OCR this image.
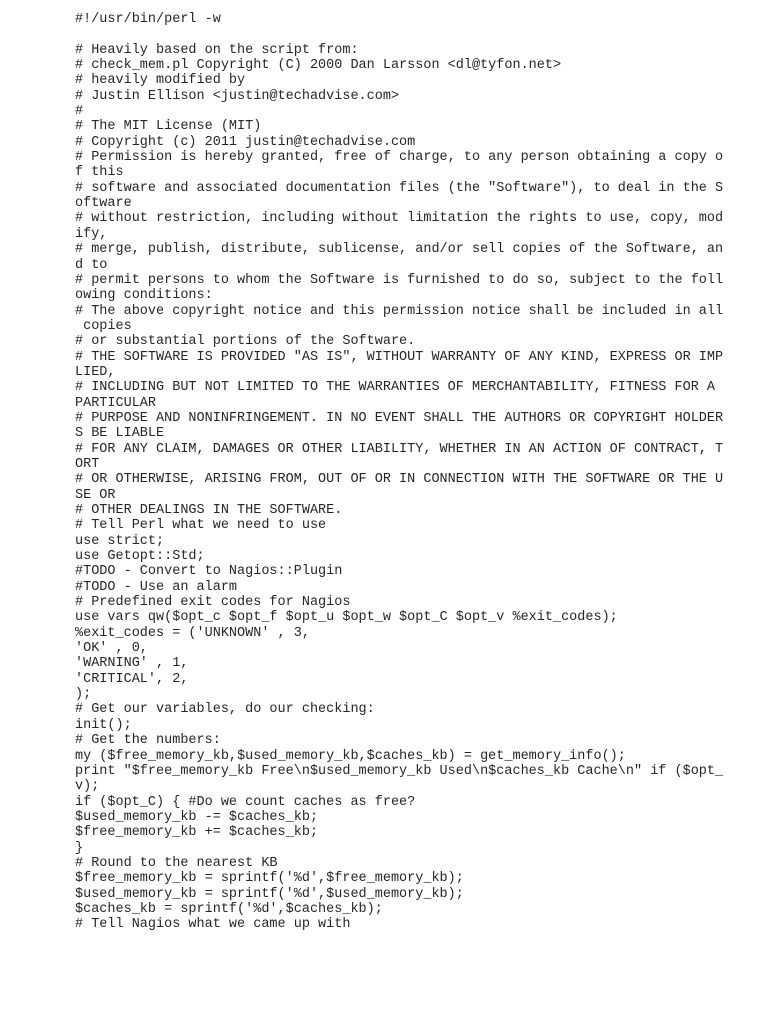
#!/usr/bin/perl -w
# Heavily based on the script from:
# check_mem.pl Copyright (C) 2000 Dan Larsson <dl@tyfon.net>
# heavily modified by
# Justin Ellison <justin@techadvise.com>
#
# The MIT License (MIT)
# Copyright (c) 2011 justin@techadvise.com
# Permission is hereby granted, free of charge, to any person obtaining a copy o
f this
# software and associated documentation files (the "Software"), to deal in the S
oftware
# without restriction, including without limitation the rights to use, copy, mod
ify,
# merge, publish, distribute, sublicense, and/or sell copies of the Software, an
d to
# permit persons to whom the Software is furnished to do so, subject to the foll
owing conditions:
# The above copyright notice and this permission notice shall be included in all
copies
# or substantial portions of the Software.
# THE SOFTWARE IS PROVIDED "AS IS", WITHOUT WARRANTY OF ANY KIND, EXPRESS OR IMP
LIED,
# INCLUDING BUT NOT LIMITED TO THE WARRANTIES OF MERCHANTABILITY, FITNESS FOR A
PARTICULAR
# PURPOSE AND NONINFRINGEMENT. IN NO EVENT SHALL THE AUTHORS OR COPYRIGHT HOLDER
S BE LIABLE
# FOR ANY CLAIM, DAMAGES OR OTHER LIABILITY, WHETHER IN AN ACTION OF CONTRACT, T
ORT
# OR OTHERWISE, ARISING FROM, OUT OF OR IN CONNECTION WITH THE SOFTWARE OR THE U
SE OR
# OTHER DEALINGS IN THE SOFTWARE.
# Tell Perl what we need to use
use strict;
use Getopt::Std;
#TODO - Convert to Nagios::Plugin
#TODO - Use an alarm
# Predefined exit codes for Nagios
use vars qw($opt_c $opt_f $opt_u $opt_w $opt_C $opt_v %exit_codes);
%exit_codes = ('UNKNOWN' , 3,
'OK' , 0,
'WARNING' , 1,
'CRITICAL', 2,
);
# Get our variables, do our checking:
init();
# Get the numbers:
my ($free_memory_kb,$used_memory_kb,$caches_kb) = get_memory_info();
print "$free_memory_kb Free\n$used_memory_kb Used\n$caches_kb Cache\n" if ($opt_
v);
if ($opt_C) { #Do we count caches as free?
$used_memory_kb -= $caches_kb;
$free_memory_kb += $caches_kb;
}
# Round to the nearest KB
$free_memory_kb = sprintf('%d',$free_memory_kb);
$used_memory_kb = sprintf('%d',$used_memory_kb);
$caches_kb = sprintf('%d',$caches_kb);
# Tell Nagios what we came up with
